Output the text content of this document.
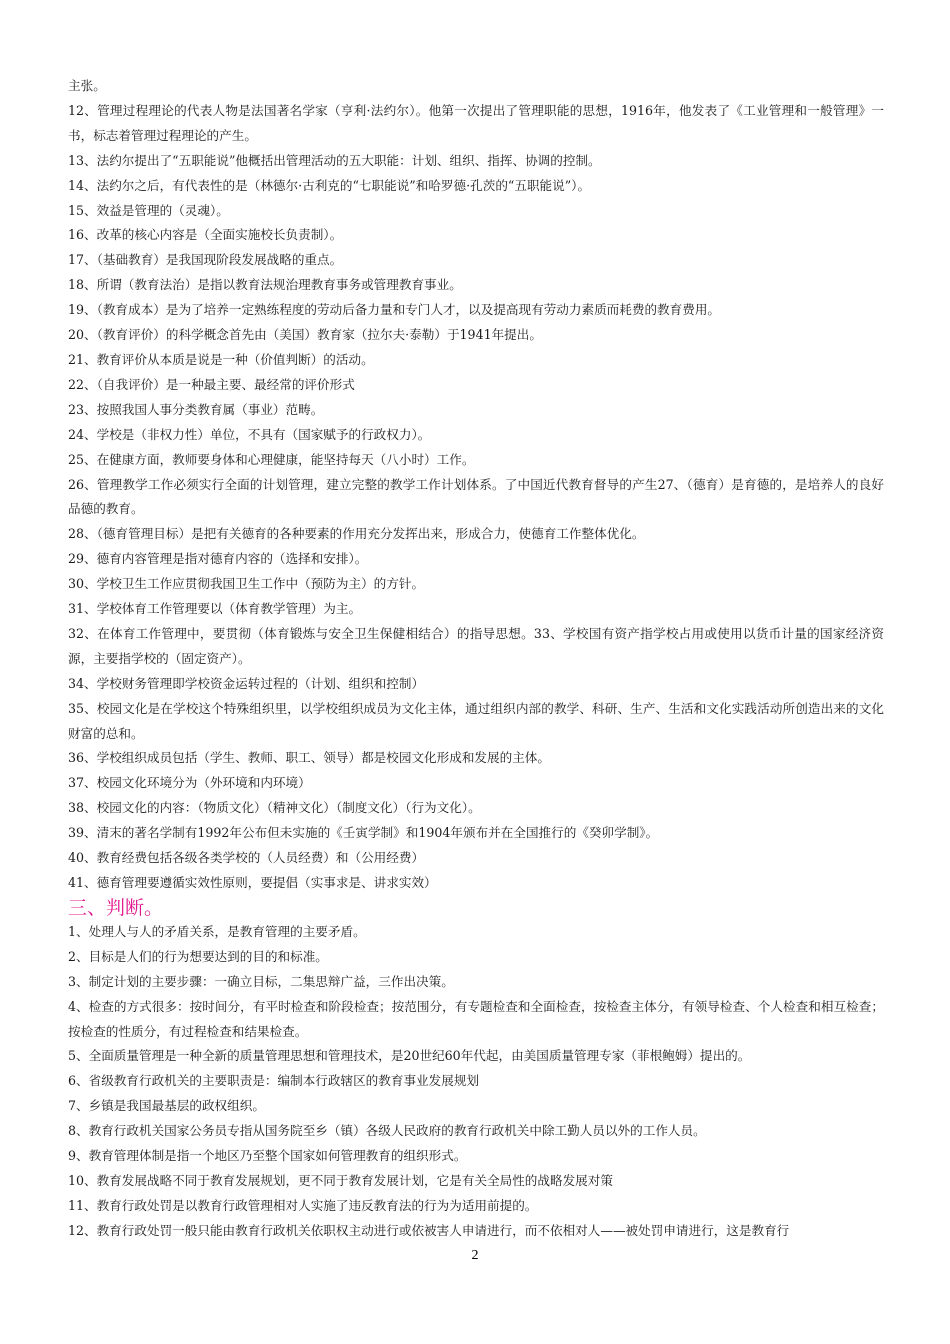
主张。

12、管理过程理论的代表人物是法国著名学家（亨利·法约尔）。他第一次提出了管理职能的思想，1916年，他发表了《工业管理和一般管理》一书，标志着管理过程理论的产生。

13、法约尔提出了“五职能说”他概括出管理活动的五大职能：计划、组织、指挥、协调的控制。

14、法约尔之后，有代表性的是（林德尔·古利克的“七职能说”和哈罗德·孔茨的“五职能说”）。

15、效益是管理的（灵魂）。

16、改革的核心内容是（全面实施校长负责制）。

17、（基础教育）是我国现阶段发展战略的重点。

18、所谓（教育法治）是指以教育法规治理教育事务或管理教育事业。

19、（教育成本）是为了培养一定熟练程度的劳动后备力量和专门人才，以及提高现有劳动力素质而耗费的教育费用。

20、（教育评价）的科学概念首先由（美国）教育家（拉尔夫·泰勒）于1941年提出。

21、教育评价从本质是说是一种（价值判断）的活动。

22、（自我评价）是一种最主要、最经常的评价形式

23、按照我国人事分类教育属（事业）范畴。

24、学校是（非权力性）单位，不具有（国家赋予的行政权力）。

25、在健康方面，教师要身体和心理健康，能坚持每天（八小时）工作。

26、管理教学工作必须实行全面的计划管理，建立完整的教学工作计划体系。了中国近代教育督导的产生27、（德育）是育德的，是培养人的良好品德的教育。

28、（德育管理目标）是把有关德育的各种要素的作用充分发挥出来，形成合力，使德育工作整体优化。

29、德育内容管理是指对德育内容的（选择和安排）。

30、学校卫生工作应贯彻我国卫生工作中（预防为主）的方针。

31、学校体育工作管理要以（体育教学管理）为主。

32、在体育工作管理中，要贯彻（体育锻炼与安全卫生保健相结合）的指导思想。33、学校国有资产指学校占用或使用以货币计量的国家经济资源，主要指学校的（固定资产）。

34、学校财务管理即学校资金运转过程的（计划、组织和控制）

35、校园文化是在学校这个特殊组织里，以学校组织成员为文化主体，通过组织内部的教学、科研、生产、生活和文化实践活动所创造出来的文化财富的总和。

36、学校组织成员包括（学生、教师、职工、领导）都是校园文化形成和发展的主体。

37、校园文化环境分为（外环境和内环境）

38、校园文化的内容：（物质文化）（精神文化）（制度文化）（行为文化）。

39、清末的著名学制有1992年公布但未实施的《壬寅学制》和1904年颁布并在全国推行的《癸卯学制》。

40、教育经费包括各级各类学校的（人员经费）和（公用经费）

41、德育管理要遵循实效性原则，要提倡（实事求是、讲求实效）

三、判断。

1、处理人与人的矛盾关系，是教育管理的主要矛盾。

2、目标是人们的行为想要达到的目的和标准。

3、制定计划的主要步骤：一确立目标，二集思辩广益，三作出决策。

4、检查的方式很多：按时间分，有平时检查和阶段检查；按范围分，有专题检查和全面检查，按检查主体分，有领导检查、个人检查和相互检查；按检查的性质分，有过程检查和结果检查。

5、全面质量管理是一种全新的质量管理思想和管理技术，是20世纪60年代起，由美国质量管理专家（菲根鲍姆）提出的。

6、省级教育行政机关的主要职责是：编制本行政辖区的教育事业发展规划

7、乡镇是我国最基层的政权组织。

8、教育行政机关国家公务员专指从国务院至乡（镇）各级人民政府的教育行政机关中除工勤人员以外的工作人员。

9、教育管理体制是指一个地区乃至整个国家如何管理教育的组织形式。

10、教育发展战略不同于教育发展规划，更不同于教育发展计划，它是有关全局性的战略发展对策

11、教育行政处罚是以教育行政管理相对人实施了违反教育法的行为为适用前提的。

12、教育行政处罚一般只能由教育行政机关依职权主动进行或依被害人申请进行，而不依相对人——被处罚申请进行，这是教育行

2
